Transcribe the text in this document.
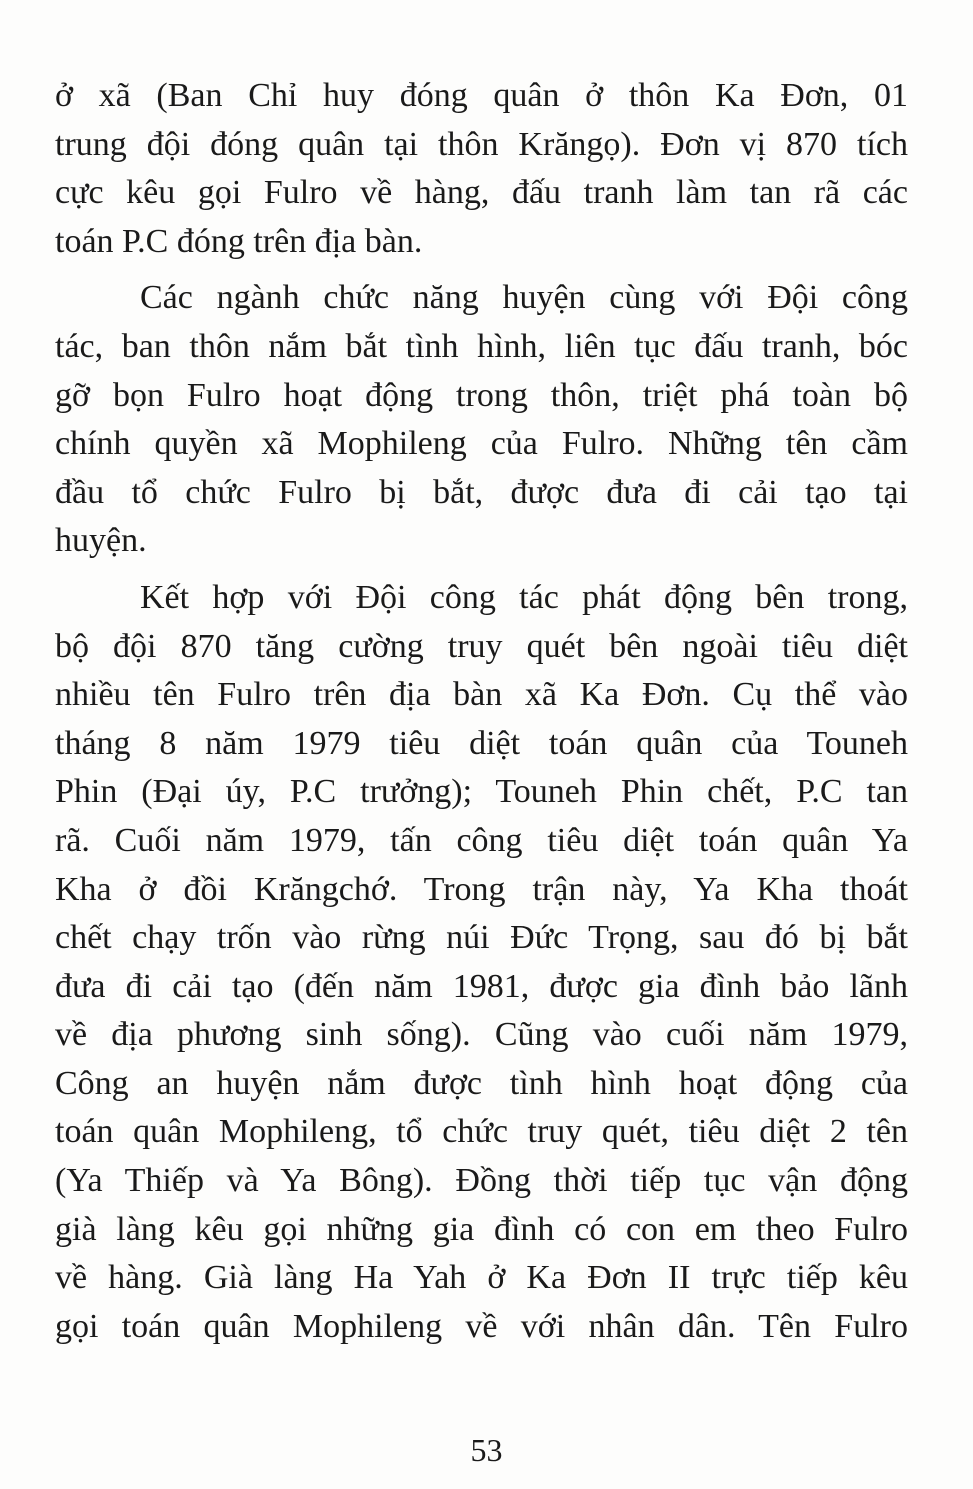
ở xã (Ban Chỉ huy đóng quân ở thôn Ka Đơn, 01
trung đội đóng quân tại thôn Krăngọ). Đơn vị 870 tích
cực kêu gọi Fulro về hàng, đấu tranh làm tan rã các
toán P.C đóng trên địa bàn.
Các ngành chức năng huyện cùng với Đội công
tác, ban thôn nắm bắt tình hình, liên tục đấu tranh, bóc
gỡ bọn Fulro hoạt động trong thôn, triệt phá toàn bộ
chính quyền xã Mophileng của Fulro. Những tên cầm
đầu tổ chức Fulro bị bắt, được đưa đi cải tạo tại
huyện.
Kết hợp với Đội công tác phát động bên trong,
bộ đội 870 tăng cường truy quét bên ngoài tiêu diệt
nhiều tên Fulro trên địa bàn xã Ka Đơn. Cụ thể vào
tháng 8 năm 1979 tiêu diệt toán quân của Touneh
Phin (Đại úy, P.C trưởng); Touneh Phin chết, P.C tan
rã. Cuối năm 1979, tấn công tiêu diệt toán quân Ya
Kha ở đồi Krăngchớ. Trong trận này, Ya Kha thoát
chết chạy trốn vào rừng núi Đức Trọng, sau đó bị bắt
đưa đi cải tạo (đến năm 1981, được gia đình bảo lãnh
về địa phương sinh sống). Cũng vào cuối năm 1979,
Công an huyện nắm được tình hình hoạt động của
toán quân Mophileng, tổ chức truy quét, tiêu diệt 2 tên
(Ya Thiếp và Ya Bông). Đồng thời tiếp tục vận động
già làng kêu gọi những gia đình có con em theo Fulro
về hàng. Già làng Ha Yah ở Ka Đơn II trực tiếp kêu
gọi toán quân Mophileng về với nhân dân. Tên Fulro
53
